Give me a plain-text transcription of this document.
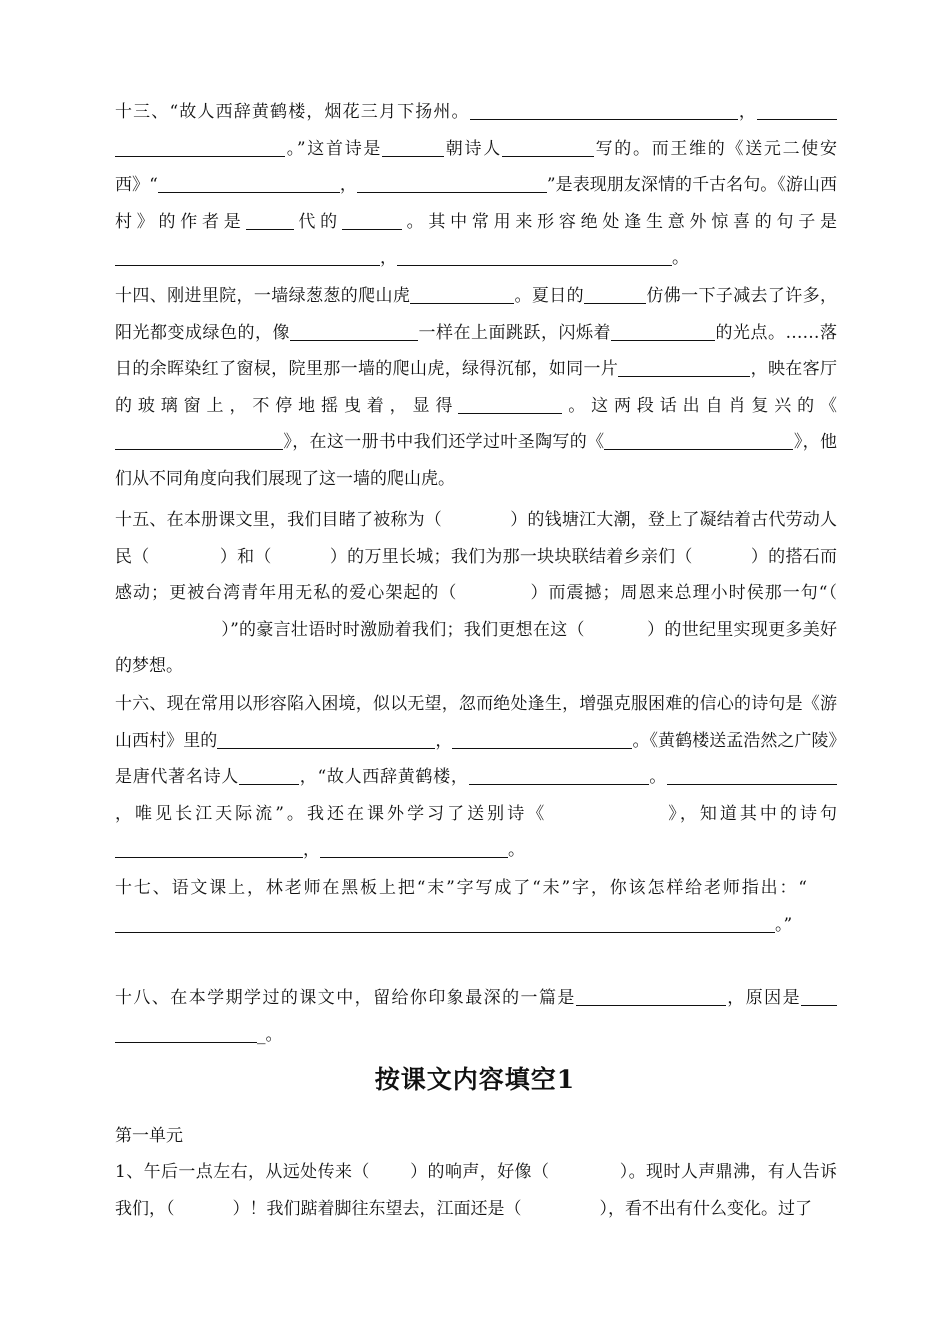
十三、“故人西辞黄鹤楼，烟花三月下扬州。	，。”这首诗是	朝诗人	写的。而王维的《送元二使安西》“	，	”是表现朋友深情的千古名句。《游山西村》的作者是	代的	。其中常用来形容绝处逢生意外惊喜的句子是，	。

十四、刚进里院，一墙绿葱葱的爬山虎	。夏日的	仿佛一下子减去了许多，阳光都变成绿色的，像	一样在上面跳跃，闪烁着	的光点。……落日的余晖染红了窗棂，院里那一墙的爬山虎，绿得沉郁，如同一片	，映在客厅的玻璃窗上，不停地摇曳着，显得	。这两段话出自肖复兴的《》，在这一册书中我们还学过叶圣陶写的《	》，他们从不同角度向我们展现了这一墙的爬山虎。

十五、在本册课文里，我们目睹了被称为（	）的钱塘江大潮，登上了凝结着古代劳动人民（	）和（	）的万里长城；我们为那一块块联结着乡亲们（	）的搭石而感动；更被台湾青年用无私的爱心架起的（	）而震撼；周恩来总理小时侯那一句“（）”的豪言壮语时时激励着我们；我们更想在这（	）的世纪里实现更多美好的梦想。

十六、现在常用以形容陷入困境，似以无望，忽而绝处逢生，增强克服困难的信心的诗句是《游山西村》里的	，	。《黄鹤楼送孟浩然之广陵》是唐代著名诗人	，“故人西辞黄鹤楼，	。，唯见长江天际流”。我还在课外学习了送别诗《	》，知道其中的诗句，	。

十七、语文课上，林老师在黑板上把“末”字写成了“未”字，你该怎样给老师指出：“。”

十八、在本学期学过的课文中，留给你印象最深的一篇是	，原因是_。

按课文内容填空1
第一单元

1、午后一点左右，从远处传来（ ）的响声，好像（	）。现时人声鼎沸，有人告诉我们，（	）！我们踮着脚往东望去，江面还是（	），看不出有什么变化。过了
